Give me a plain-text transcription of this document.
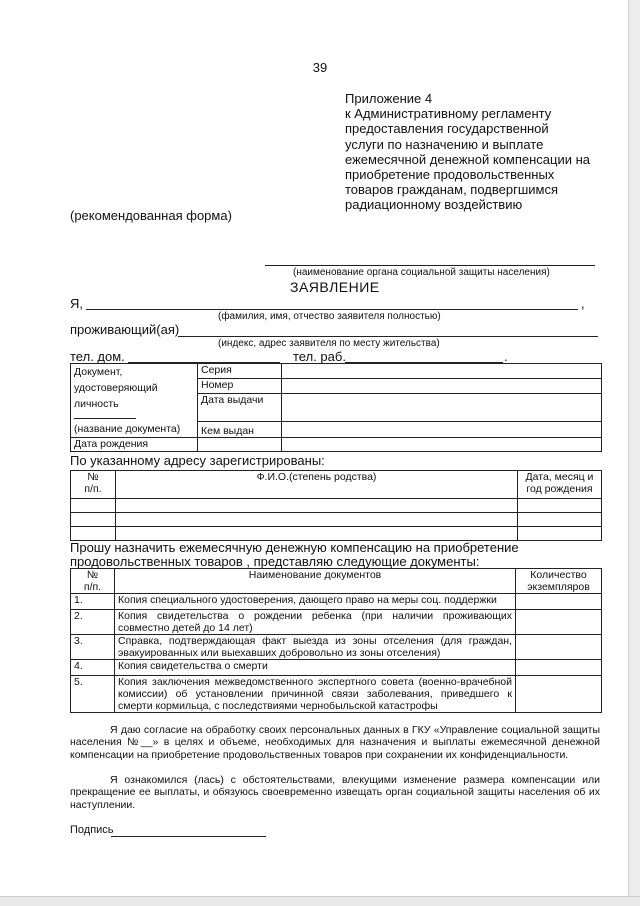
39
Приложение 4
к Административному регламенту
предоставления государственной
услуги по назначению и выплате
ежемесячной денежной компенсации на
приобретение продовольственных
товаров гражданам, подвергшимся
радиационному воздействию
(рекомендованная форма)
(наименование органа социальной защиты населения)
ЗАЯВЛЕНИЕ
Я,	,
(фамилия, имя, отчество заявителя полностью)
проживающий(ая)
(индекс, адрес заявителя по месту жительства)
тел. дом.	тел. раб.	.
Документ,
удостоверяющий
личность
(название документа)	Серия	
	Номер	
	Дата выдачи	
	Кем выдан	
Дата рождения		
По указанному адресу зарегистрированы:
№
п/п.	Ф.И.О.(степень родства)	Дата, месяц и
год рождения

Прошу назначить ежемесячную денежную компенсацию на приобретение
продовольственных товаров , представляю следующие документы:
№
п/п.	Наименование документов	Количество
экземпляров
1.	Копия специального удостоверения, дающего право на меры соц. поддержки	
2.	Копия свидетельства о рождении ребенка (при наличии проживающих совместно детей до 14 лет)	
3.	Справка, подтверждающая факт выезда из зоны отселения (для граждан, эвакуированных или выехавших добровольно из зоны отселения)	
4.	Копия свидетельства о смерти	
5.	Копия заключения межведомственного экспертного совета (военно-врачебной комиссии) об установлении причинной связи заболевания, приведшего к смерти кормильца, с последствиями чернобыльской катастрофы	
Я даю согласие на обработку своих персональных данных в ГКУ «Управление социальной защиты населения №__» в целях и объеме, необходимых для назначения и выплаты ежемесячной денежной компенсации на приобретение продовольственных товаров при сохранении их конфиденциальности.
Я ознакомился (лась) с обстоятельствами, влекущими изменение размера компенсации или прекращение ее выплаты, и обязуюсь своевременно извещать орган социальной защиты населения об их наступлении.
Подпись
